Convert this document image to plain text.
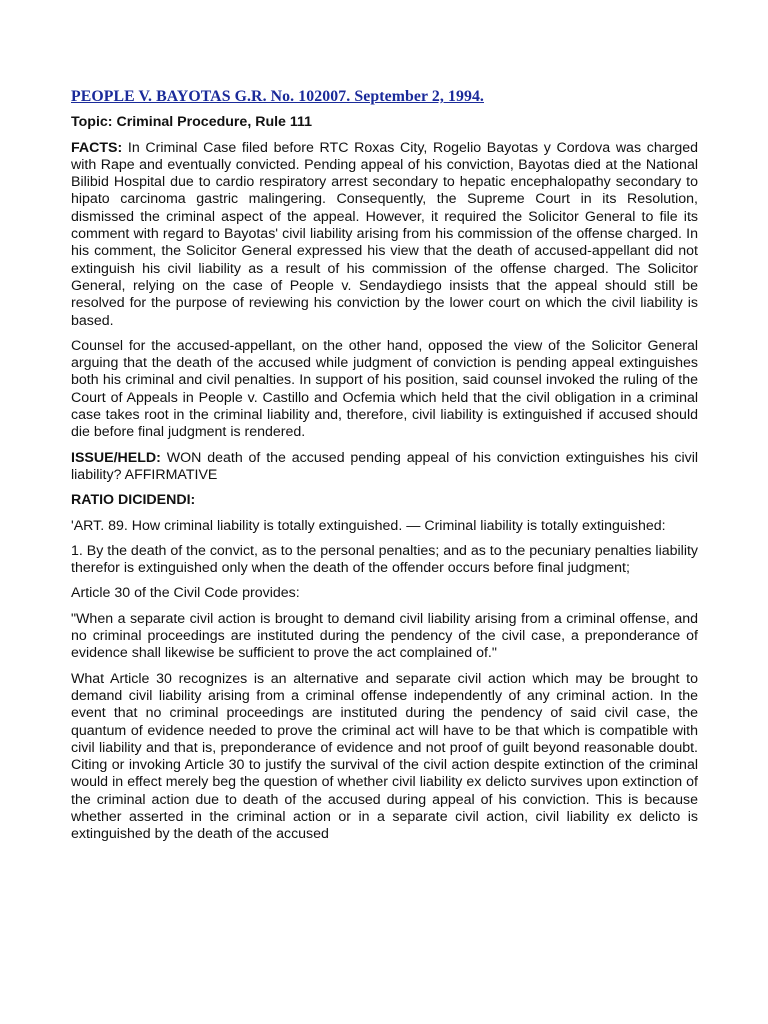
PEOPLE V. BAYOTAS G.R. No. 102007. September 2, 1994.

Topic: Criminal Procedure, Rule 111

FACTS: In Criminal Case filed before RTC Roxas City, Rogelio Bayotas y Cordova was charged with Rape and eventually convicted. Pending appeal of his conviction, Bayotas died at the National Bilibid Hospital due to cardio respiratory arrest secondary to hepatic encephalopathy secondary to hipato carcinoma gastric malingering. Consequently, the Supreme Court in its Resolution, dismissed the criminal aspect of the appeal. However, it required the Solicitor General to file its comment with regard to Bayotas' civil liability arising from his commission of the offense charged. In his comment, the Solicitor General expressed his view that the death of accused-appellant did not extinguish his civil liability as a result of his commission of the offense charged. The Solicitor General, relying on the case of People v. Sendaydiego insists that the appeal should still be resolved for the purpose of reviewing his conviction by the lower court on which the civil liability is based.

Counsel for the accused-appellant, on the other hand, opposed the view of the Solicitor General arguing that the death of the accused while judgment of conviction is pending appeal extinguishes both his criminal and civil penalties. In support of his position, said counsel invoked the ruling of the Court of Appeals in People v. Castillo and Ocfemia which held that the civil obligation in a criminal case takes root in the criminal liability and, therefore, civil liability is extinguished if accused should die before final judgment is rendered.

ISSUE/HELD: WON death of the accused pending appeal of his conviction extinguishes his civil liability? AFFIRMATIVE

RATIO DICIDENDI:

'ART. 89. How criminal liability is totally extinguished. — Criminal liability is totally extinguished:

1. By the death of the convict, as to the personal penalties; and as to the pecuniary penalties liability therefor is extinguished only when the death of the offender occurs before final judgment;

Article 30 of the Civil Code provides:

"When a separate civil action is brought to demand civil liability arising from a criminal offense, and no criminal proceedings are instituted during the pendency of the civil case, a preponderance of evidence shall likewise be sufficient to prove the act complained of."

What Article 30 recognizes is an alternative and separate civil action which may be brought to demand civil liability arising from a criminal offense independently of any criminal action. In the event that no criminal proceedings are instituted during the pendency of said civil case, the quantum of evidence needed to prove the criminal act will have to be that which is compatible with civil liability and that is, preponderance of evidence and not proof of guilt beyond reasonable doubt. Citing or invoking Article 30 to justify the survival of the civil action despite extinction of the criminal would in effect merely beg the question of whether civil liability ex delicto survives upon extinction of the criminal action due to death of the accused during appeal of his conviction. This is because whether asserted in the criminal action or in a separate civil action, civil liability ex delicto is extinguished by the death of the accused
